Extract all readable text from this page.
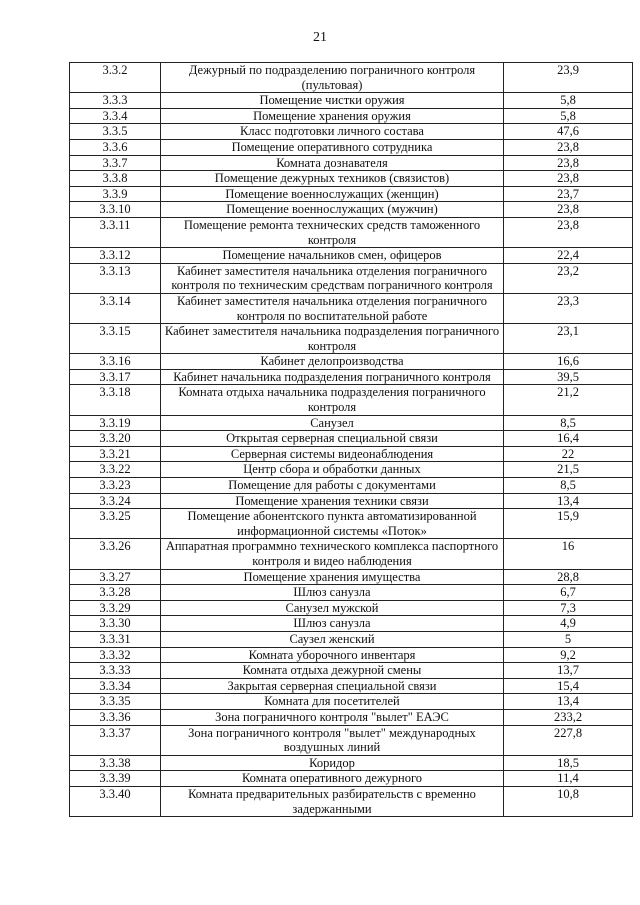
21
3.3.2	Дежурный по подразделению пограничного контроля (пультовая)	23,9
3.3.3	Помещение чистки оружия	5,8
3.3.4	Помещение хранения оружия	5,8
3.3.5	Класс подготовки личного состава	47,6
3.3.6	Помещение оперативного сотрудника	23,8
3.3.7	Комната дознавателя	23,8
3.3.8	Помещение дежурных техников (связистов)	23,8
3.3.9	Помещение военнослужащих (женщин)	23,7
3.3.10	Помещение военнослужащих (мужчин)	23,8
3.3.11	Помещение ремонта технических средств таможенного контроля	23,8
3.3.12	Помещение начальников смен, офицеров	22,4
3.3.13	Кабинет заместителя начальника отделения пограничного контроля по техническим средствам пограничного контроля	23,2
3.3.14	Кабинет заместителя начальника отделения пограничного контроля по воспитательной работе	23,3
3.3.15	Кабинет заместителя начальника подразделения пограничного контроля	23,1
3.3.16	Кабинет делопроизводства	16,6
3.3.17	Кабинет начальника подразделения пограничного контроля	39,5
3.3.18	Комната отдыха начальника подразделения пограничного контроля	21,2
3.3.19	Санузел	8,5
3.3.20	Открытая серверная специальной связи	16,4
3.3.21	Серверная системы видеонаблюдения	22
3.3.22	Центр сбора и обработки данных	21,5
3.3.23	Помещение для работы с документами	8,5
3.3.24	Помещение хранения техники связи	13,4
3.3.25	Помещение абонентского пункта автоматизированной информационной системы «Поток»	15,9
3.3.26	Аппаратная программно технического комплекса паспортного контроля и видео наблюдения	16
3.3.27	Помещение хранения имущества	28,8
3.3.28	Шлюз санузла	6,7
3.3.29	Санузел мужской	7,3
3.3.30	Шлюз санузла	4,9
3.3.31	Саузел женский	5
3.3.32	Комната уборочного инвентаря	9,2
3.3.33	Комната отдыха дежурной смены	13,7
3.3.34	Закрытая серверная специальной связи	15,4
3.3.35	Комната для посетителей	13,4
3.3.36	Зона пограничного контроля "вылет" ЕАЭС	233,2
3.3.37	Зона пограничного контроля "вылет" международных воздушных линий	227,8
3.3.38	Коридор	18,5
3.3.39	Комната оперативного дежурного	11,4
3.3.40	Комната предварительных разбирательств с временно задержанными	10,8
